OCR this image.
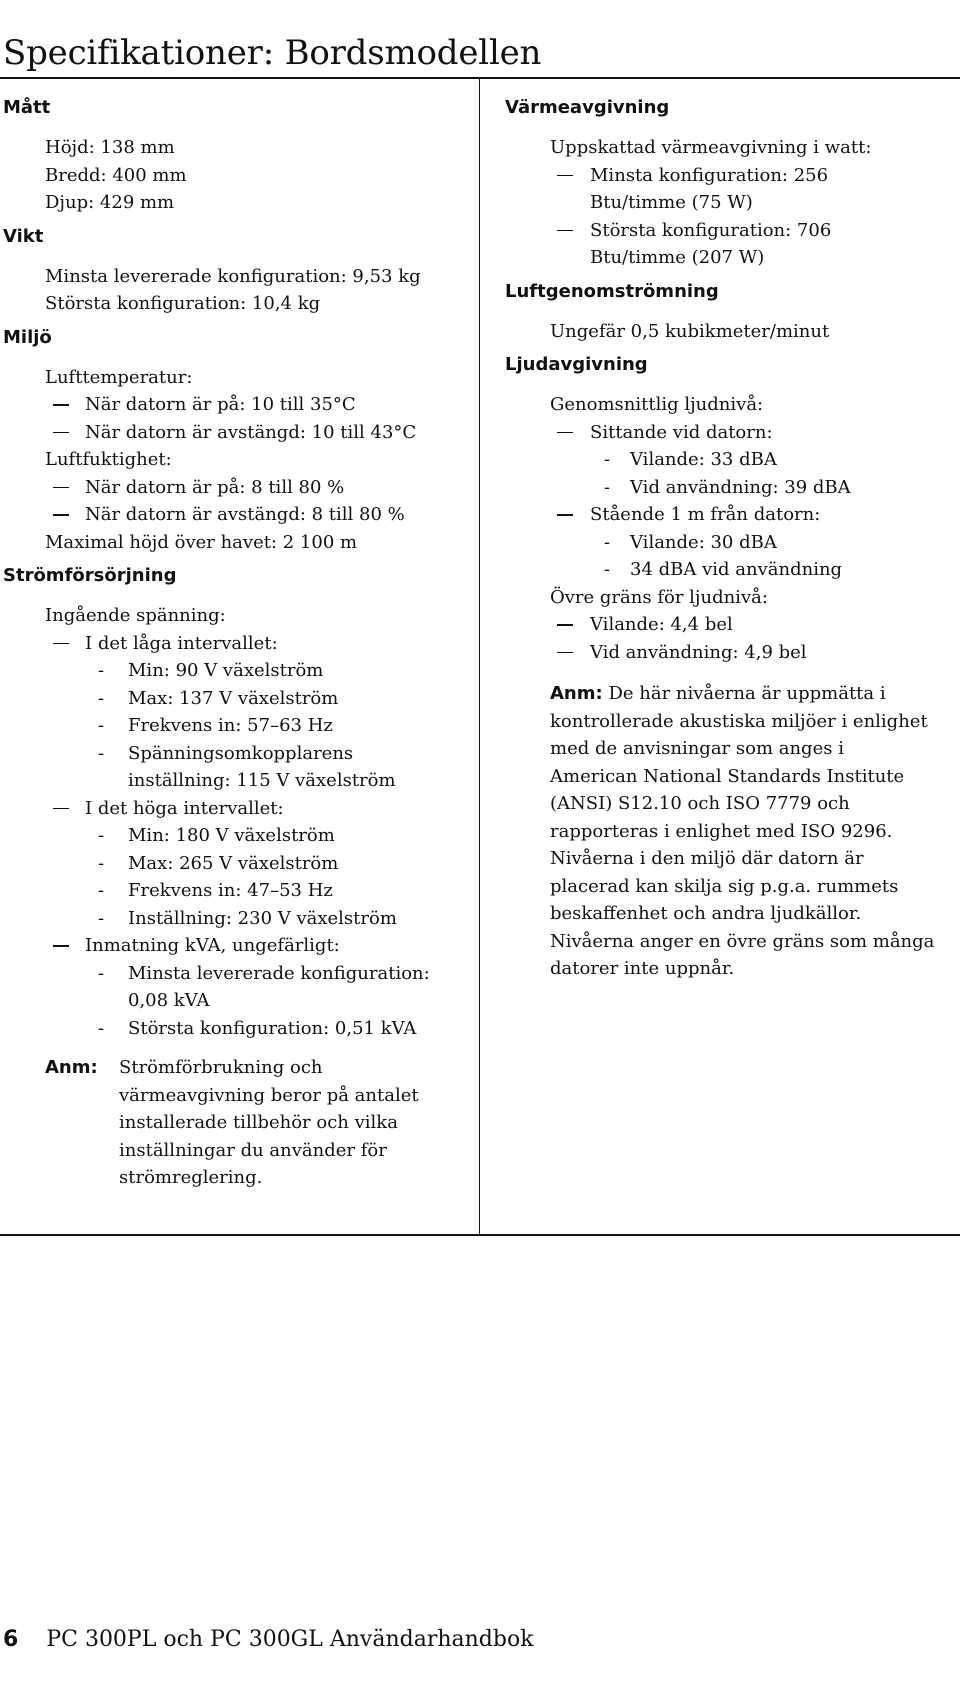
Specifikationer: Bordsmodellen
Mått
Höjd: 138 mm
Bredd: 400 mm
Djup: 429 mm
Vikt
Minsta levererade konfiguration: 9,53 kg
Största konfiguration: 10,4 kg
Miljö
Lufttemperatur:
När datorn är på: 10 till 35°C
När datorn är avstängd: 10 till 43°C
Luftfuktighet:
När datorn är på: 8 till 80 %
När datorn är avstängd: 8 till 80 %
Maximal höjd över havet: 2 100 m
Strömförsörjning
Ingående spänning:
I det låga intervallet:
- Min: 90 V växelström
- Max: 137 V växelström
- Frekvens in: 57–63 Hz
- Spänningsomkopplarens
inställning: 115 V växelström
I det höga intervallet:
- Min: 180 V växelström
- Max: 265 V växelström
- Frekvens in: 47–53 Hz
- Inställning: 230 V växelström
Inmatning kVA, ungefärligt:
- Minsta levererade konfiguration:
0,08 kVA
- Största konfiguration: 0,51 kVA
Anm: Strömförbrukning och
värmeavgivning beror på antalet
installerade tillbehör och vilka
inställningar du använder för
strömreglering.
Värmeavgivning
Uppskattad värmeavgivning i watt:
Minsta konfiguration: 256
Btu/timme (75 W)
Största konfiguration: 706
Btu/timme (207 W)
Luftgenomströmning
Ungefär 0,5 kubikmeter/minut
Ljudavgivning
Genomsnittlig ljudnivå:
Sittande vid datorn:
- Vilande: 33 dBA
- Vid användning: 39 dBA
Stående 1 m från datorn:
- Vilande: 30 dBA
- 34 dBA vid användning
Övre gräns för ljudnivå:
Vilande: 4,4 bel
Vid användning: 4,9 bel
Anm: De här nivåerna är uppmätta i
kontrollerade akustiska miljöer i enlighet
med de anvisningar som anges i
American National Standards Institute
(ANSI) S12.10 och ISO 7779 och
rapporteras i enlighet med ISO 9296.
Nivåerna i den miljö där datorn är
placerad kan skilja sig p.g.a. rummets
beskaffenhet och andra ljudkällor.
Nivåerna anger en övre gräns som många
datorer inte uppnår.
6 PC 300PL och PC 300GL Användarhandbok
